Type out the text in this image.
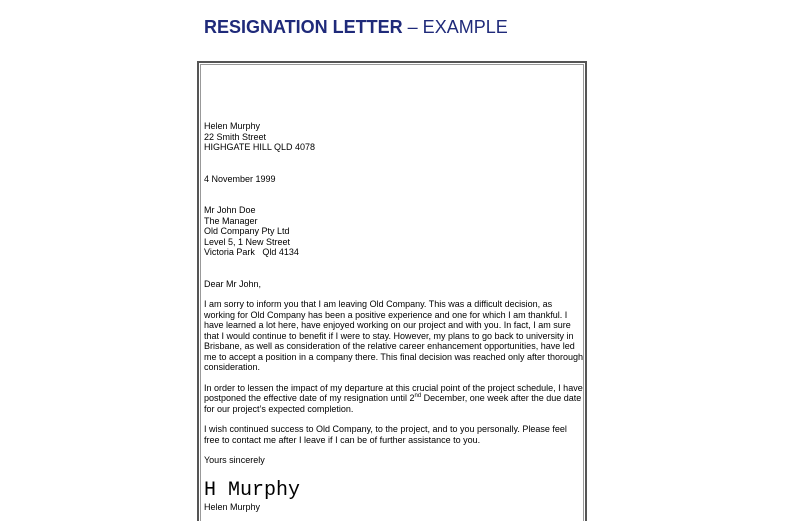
RESIGNATION LETTER – EXAMPLE
Helen Murphy
22 Smith Street
HIGHGATE HILL QLD 4078
4 November 1999
Mr John Doe
The Manager
Old Company Pty Ltd
Level 5, 1 New Street
Victoria Park   Qld 4134
Dear Mr John,

I am sorry to inform you that I am leaving Old Company. This was a difficult decision, as working for Old Company has been a positive experience and one for which I am thankful. I have learned a lot here, have enjoyed working on our project and with you. In fact, I am sure that I would continue to benefit if I were to stay. However, my plans to go back to university in Brisbane, as well as consideration of the relative career enhancement opportunities, have led me to accept a position in a company there. This final decision was reached only after thorough consideration.

In order to lessen the impact of my departure at this crucial point of the project schedule, I have postponed the effective date of my resignation until 2nd December, one week after the due date for our project’s expected completion.

I wish continued success to Old Company, to the project, and to you personally. Please feel free to contact me after I leave if I can be of further assistance to you.

Yours sincerely
H Murphy
Helen Murphy
